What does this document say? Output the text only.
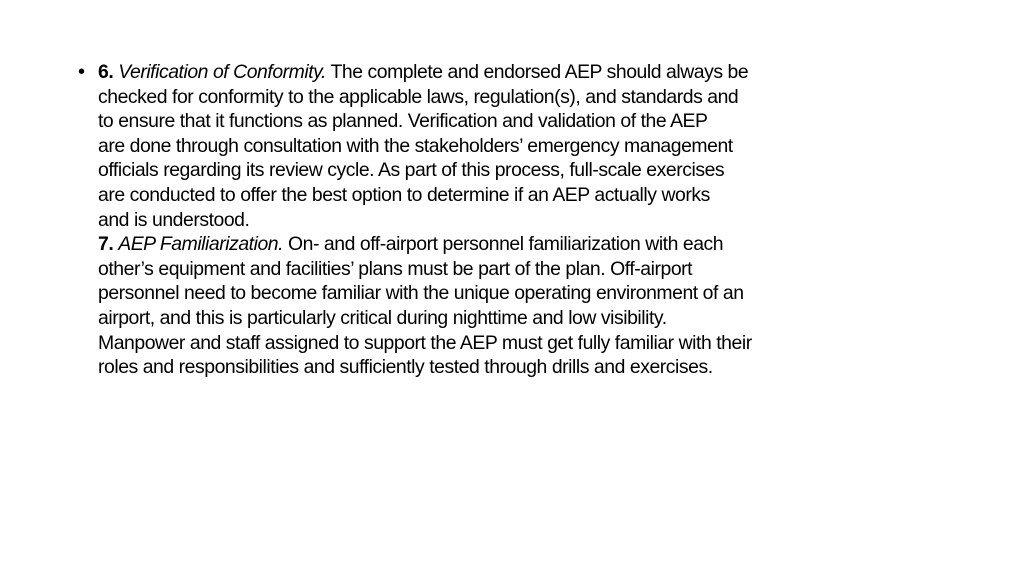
• 6. Verification of Conformity. The complete and endorsed AEP should always be
checked for conformity to the applicable laws, regulation(s), and standards and
to ensure that it functions as planned. Verification and validation of the AEP
are done through consultation with the stakeholders’ emergency management
officials regarding its review cycle. As part of this process, full-scale exercises
are conducted to offer the best option to determine if an AEP actually works
and is understood.
7. AEP Familiarization. On- and off-airport personnel familiarization with each
other’s equipment and facilities’ plans must be part of the plan. Off-airport
personnel need to become familiar with the unique operating environment of an
airport, and this is particularly critical during nighttime and low visibility.
Manpower and staff assigned to support the AEP must get fully familiar with their
roles and responsibilities and sufficiently tested through drills and exercises.
